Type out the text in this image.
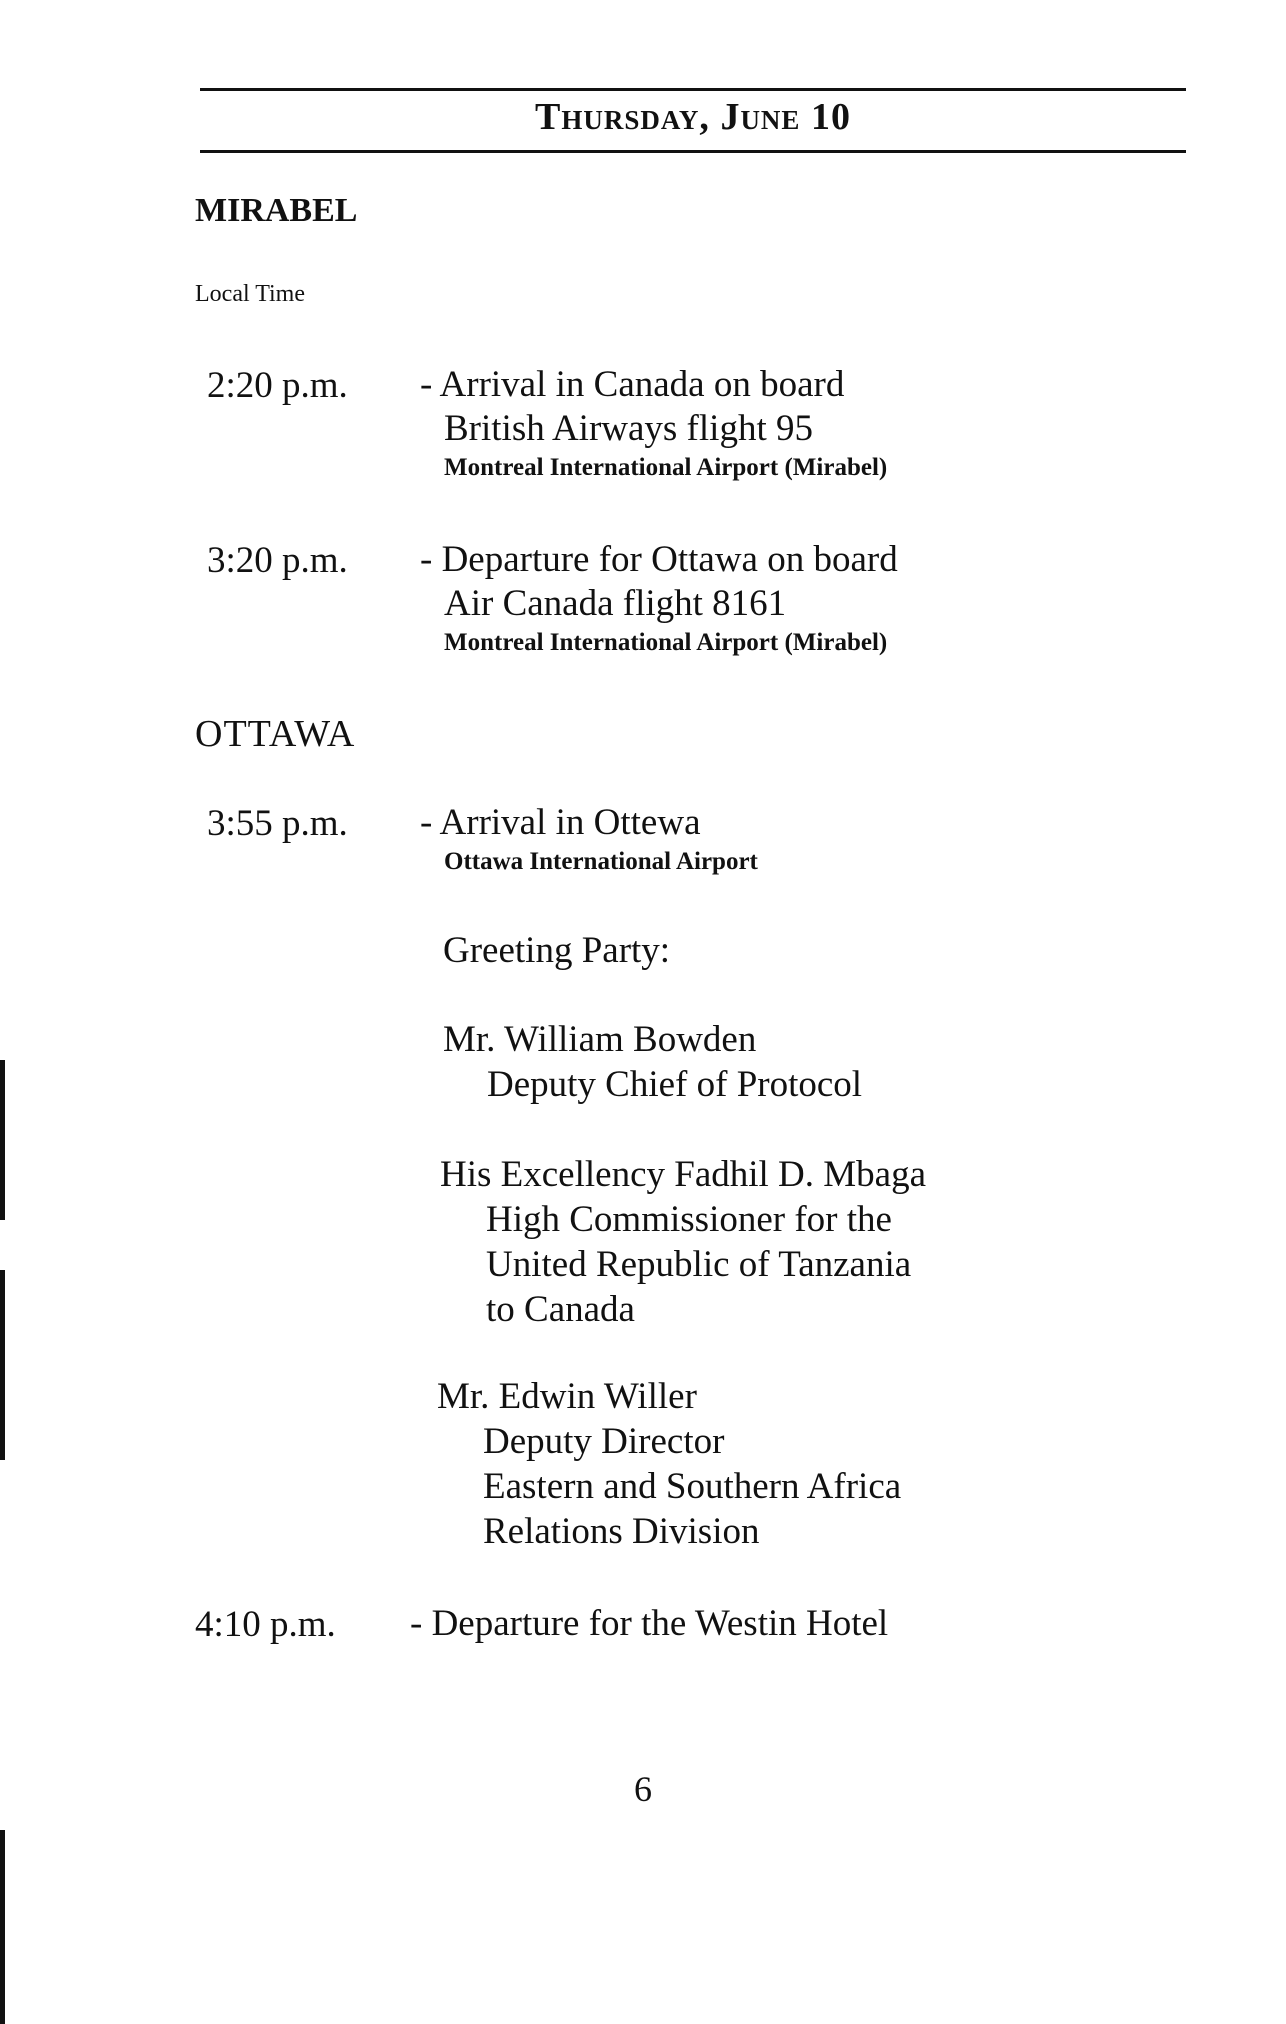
Thursday, June 10
MIRABEL
Local Time
2:20 p.m. - Arrival in Canada on board

British Airways flight 95
Montreal International Airport (Mirabel)
3:20 p.m. - Departure for Ottawa on board

Air Canada flight 8161
Montreal International Airport (Mirabel)
OTTAWA
3:55 p.m. - Arrival in Ottewa
Ottawa International Airport
Greeting Party:
Mr. William Bowden
Deputy Chief of Protocol
His Excellency Fadhil D. Mbaga
High Commissioner for the
United Republic of Tanzania
to Canada
Mr. Edwin Willer
Deputy Director
Eastern and Southern Africa
Relations Division
4:10 p.m. - Departure for the Westin Hotel
6
